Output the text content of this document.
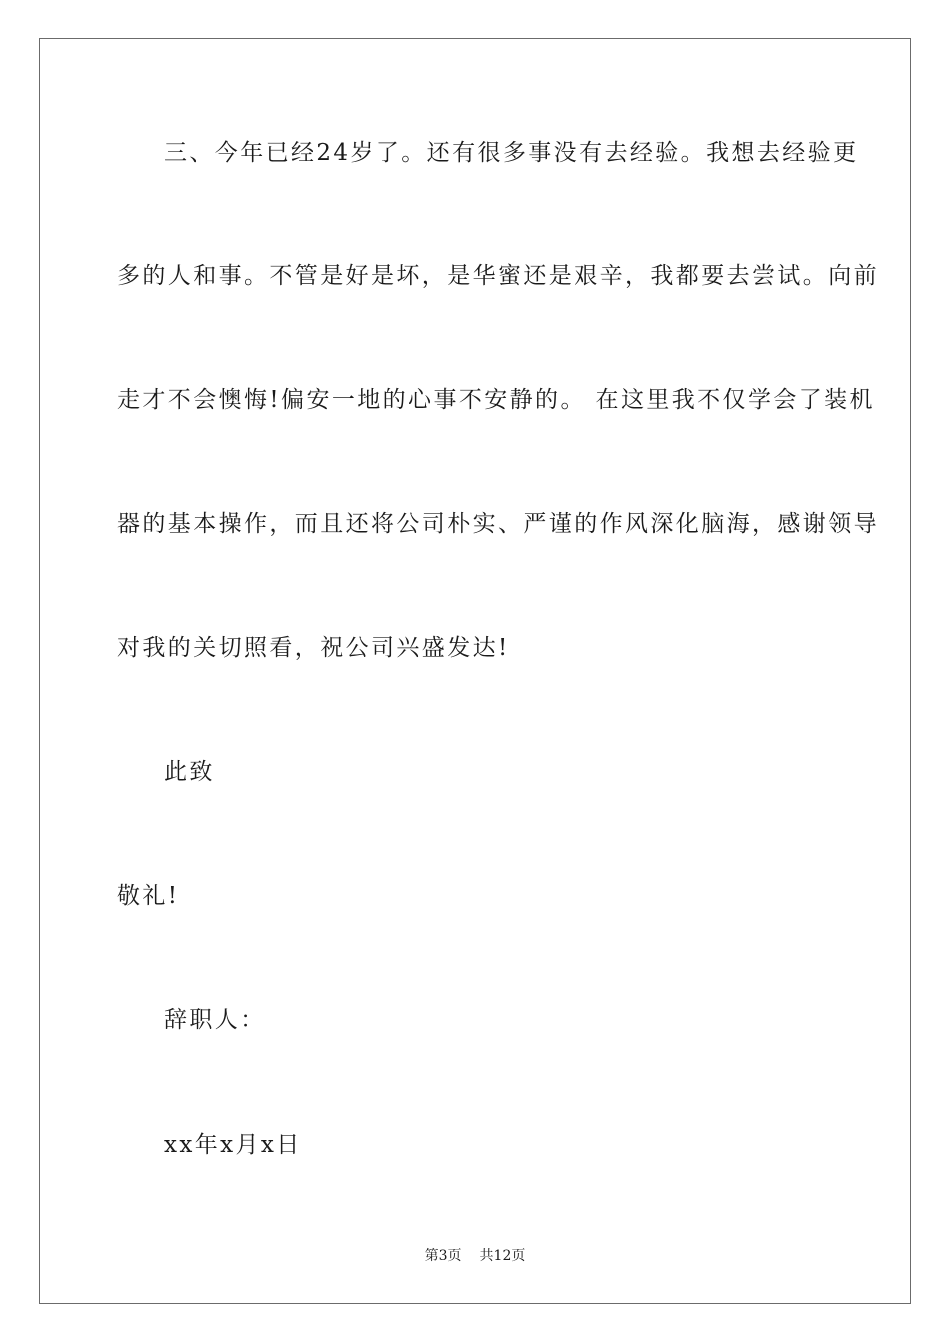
三、今年已经24岁了。还有很多事没有去经验。我想去经验更
多的人和事。不管是好是坏，是华蜜还是艰辛，我都要去尝试。向前
走才不会懊悔!偏安一地的心事不安静的。 在这里我不仅学会了装机
器的基本操作，而且还将公司朴实、严谨的作风深化脑海，感谢领导
对我的关切照看，祝公司兴盛发达!
此致
敬礼!
辞职人：
xx年x月x日
第3页 共12页
